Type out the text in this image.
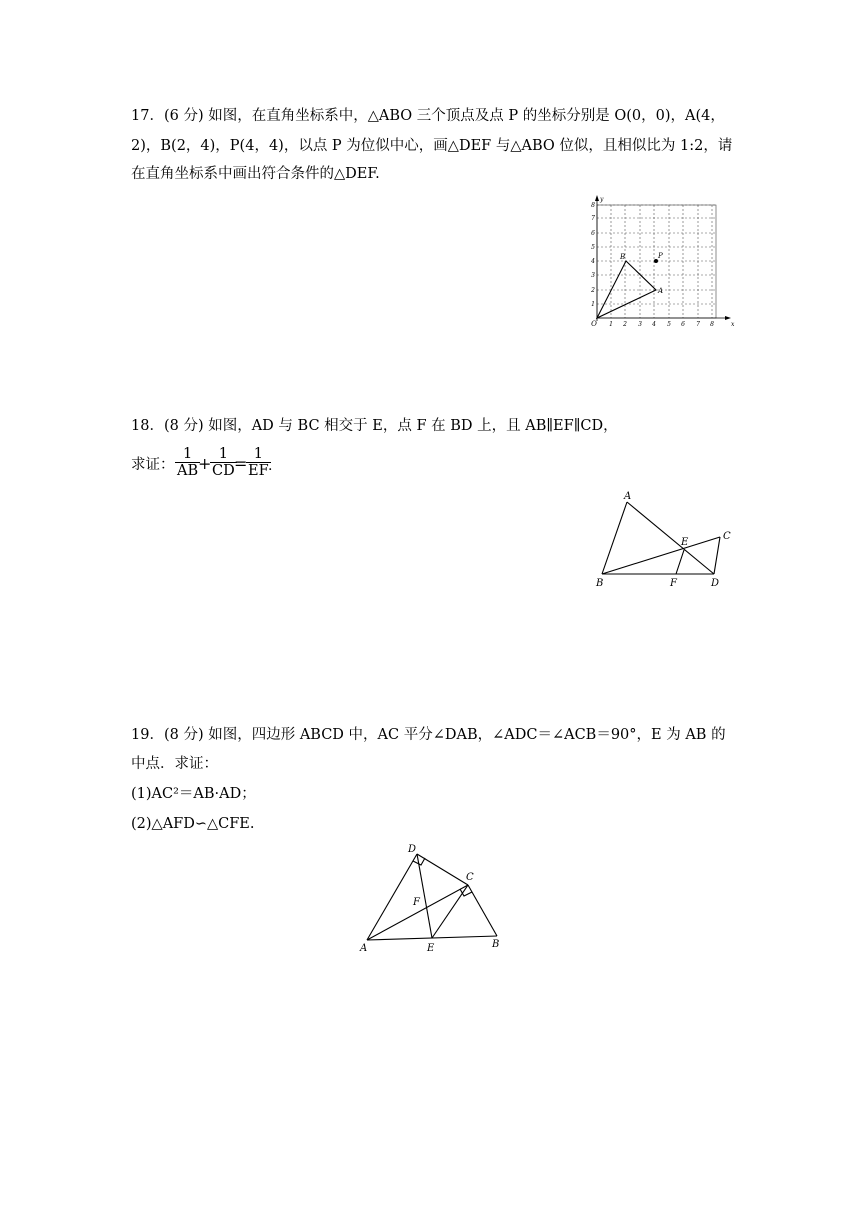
17．(6 分) 如图，在直角坐标系中，△ABO 三个顶点及点 P 的坐标分别是 O(0，0)，A(4，
2)，B(2，4)，P(4，4)，以点 P 为位似中心，画△DEF 与△ABO 位似，且相似比为 1:2，请
在直角坐标系中画出符合条件的△DEF.
1 2 3 4 5 6 7 8
1
2
3
4
5
6
7
8
O	x
y
B
A
P
18．(8 分) 如图，AD 与 BC 相交于 E，点 F 在 BD 上，且 AB∥EF∥CD，
求证： $\frac{1}{AB}$
+
$\frac{1}{CD}$
=
$\frac{1}{EF}$
.
A
B
C
D
E
F
19．(8 分) 如图，四边形 ABCD 中，AC 平分∠DAB，∠ADC＝∠ACB＝90°，E 为 AB 的
中点．求证：
(1)AC²＝AB·AD；
(2)△AFD∽△CFE.
A	B
C
D
E
F
